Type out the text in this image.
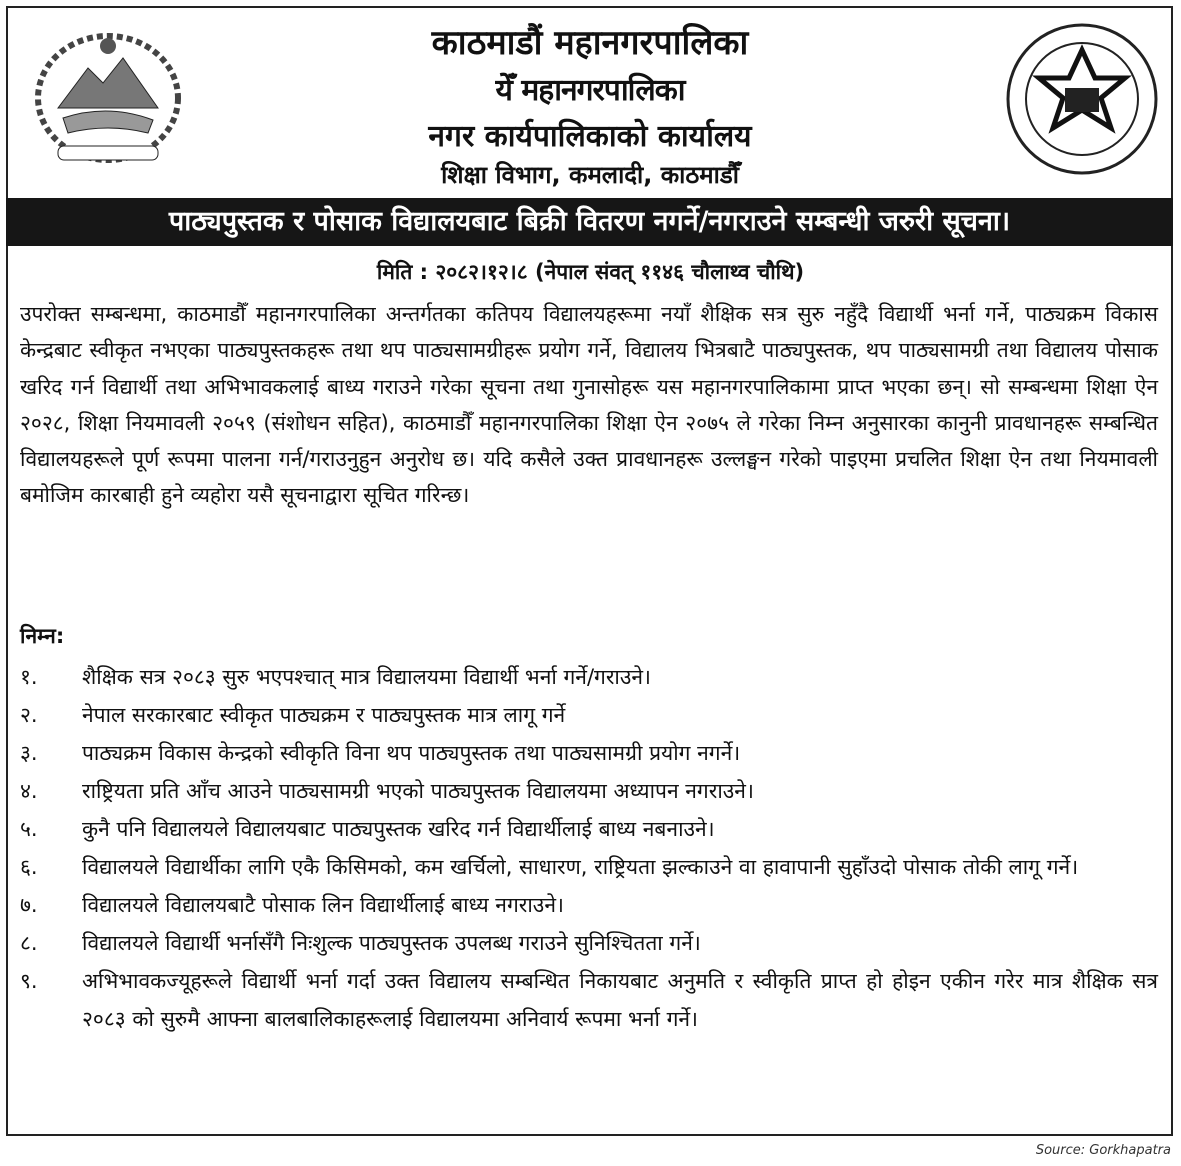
काठमाडौं महानगरपालिका
येँ महानगरपालिका
नगर कार्यपालिकाको कार्यालय
शिक्षा विभाग, कमलादी, काठमाडौँ
पाठ्यपुस्तक र पोसाक विद्यालयबाट बिक्री वितरण नगर्ने/नगराउने सम्बन्धी जरुरी सूचना।
मिति : २०८२।१२।८ (नेपाल संवत् ११४६ चौलाथ्व चौथि)
उपरोक्त सम्बन्धमा, काठमाडौँ महानगरपालिका अन्तर्गतका कतिपय विद्यालयहरूमा नयाँ शैक्षिक सत्र सुरु नहुँदै विद्यार्थी भर्ना गर्ने, पाठ्यक्रम विकास केन्द्रबाट स्वीकृत नभएका पाठ्यपुस्तकहरू तथा थप पाठ्यसामग्रीहरू प्रयोग गर्ने, विद्यालय भित्रबाटै पाठ्यपुस्तक, थप पाठ्यसामग्री तथा विद्यालय पोसाक खरिद गर्न विद्यार्थी तथा अभिभावकलाई बाध्य गराउने गरेका सूचना तथा गुनासोहरू यस महानगरपालिकामा प्राप्त भएका छन्। सो सम्बन्धमा शिक्षा ऐन २०२८, शिक्षा नियमावली २०५९ (संशोधन सहित), काठमाडौँ महानगरपालिका शिक्षा ऐन २०७५ ले गरेका निम्न अनुसारका कानुनी प्रावधानहरू सम्बन्धित विद्यालयहरूले पूर्ण रूपमा पालना गर्न/गराउनुहुन अनुरोध छ। यदि कसैले उक्त प्रावधानहरू उल्लङ्घन गरेको पाइएमा प्रचलित शिक्षा ऐन तथा नियमावली बमोजिम कारबाही हुने व्यहोरा यसै सूचनाद्वारा सूचित गरिन्छ।
निम्न:
१.	शैक्षिक सत्र २०८३ सुरु भएपश्चात् मात्र विद्यालयमा विद्यार्थी भर्ना गर्ने/गराउने।
२.	नेपाल सरकारबाट स्वीकृत पाठ्यक्रम र पाठ्यपुस्तक मात्र लागू गर्ने
३.	पाठ्यक्रम विकास केन्द्रको स्वीकृति विना थप पाठ्यपुस्तक तथा पाठ्यसामग्री प्रयोग नगर्ने।
४.	राष्ट्रियता प्रति आँच आउने पाठ्यसामग्री भएको पाठ्यपुस्तक विद्यालयमा अध्यापन नगराउने।
५.	कुनै पनि विद्यालयले विद्यालयबाट पाठ्यपुस्तक खरिद गर्न विद्यार्थीलाई बाध्य नबनाउने।
६.	विद्यालयले विद्यार्थीका लागि एकै किसिमको, कम खर्चिलो, साधारण, राष्ट्रियता झल्काउने वा हावापानी सुहाँउदो पोसाक तोकी लागू गर्ने।
७.	विद्यालयले विद्यालयबाटै पोसाक लिन विद्यार्थीलाई बाध्य नगराउने।
८.	विद्यालयले विद्यार्थी भर्नासँगै निःशुल्क पाठ्यपुस्तक उपलब्ध गराउने सुनिश्चितता गर्ने।
९.	अभिभावकज्यूहरूले विद्यार्थी भर्ना गर्दा उक्त विद्यालय सम्बन्धित निकायबाट अनुमति र स्वीकृति प्राप्त हो होइन एकीन गरेर मात्र शैक्षिक सत्र २०८३ को सुरुमै आफ्ना बालबालिकाहरूलाई विद्यालयमा अनिवार्य रूपमा भर्ना गर्ने।
Source: Gorkhapatra
